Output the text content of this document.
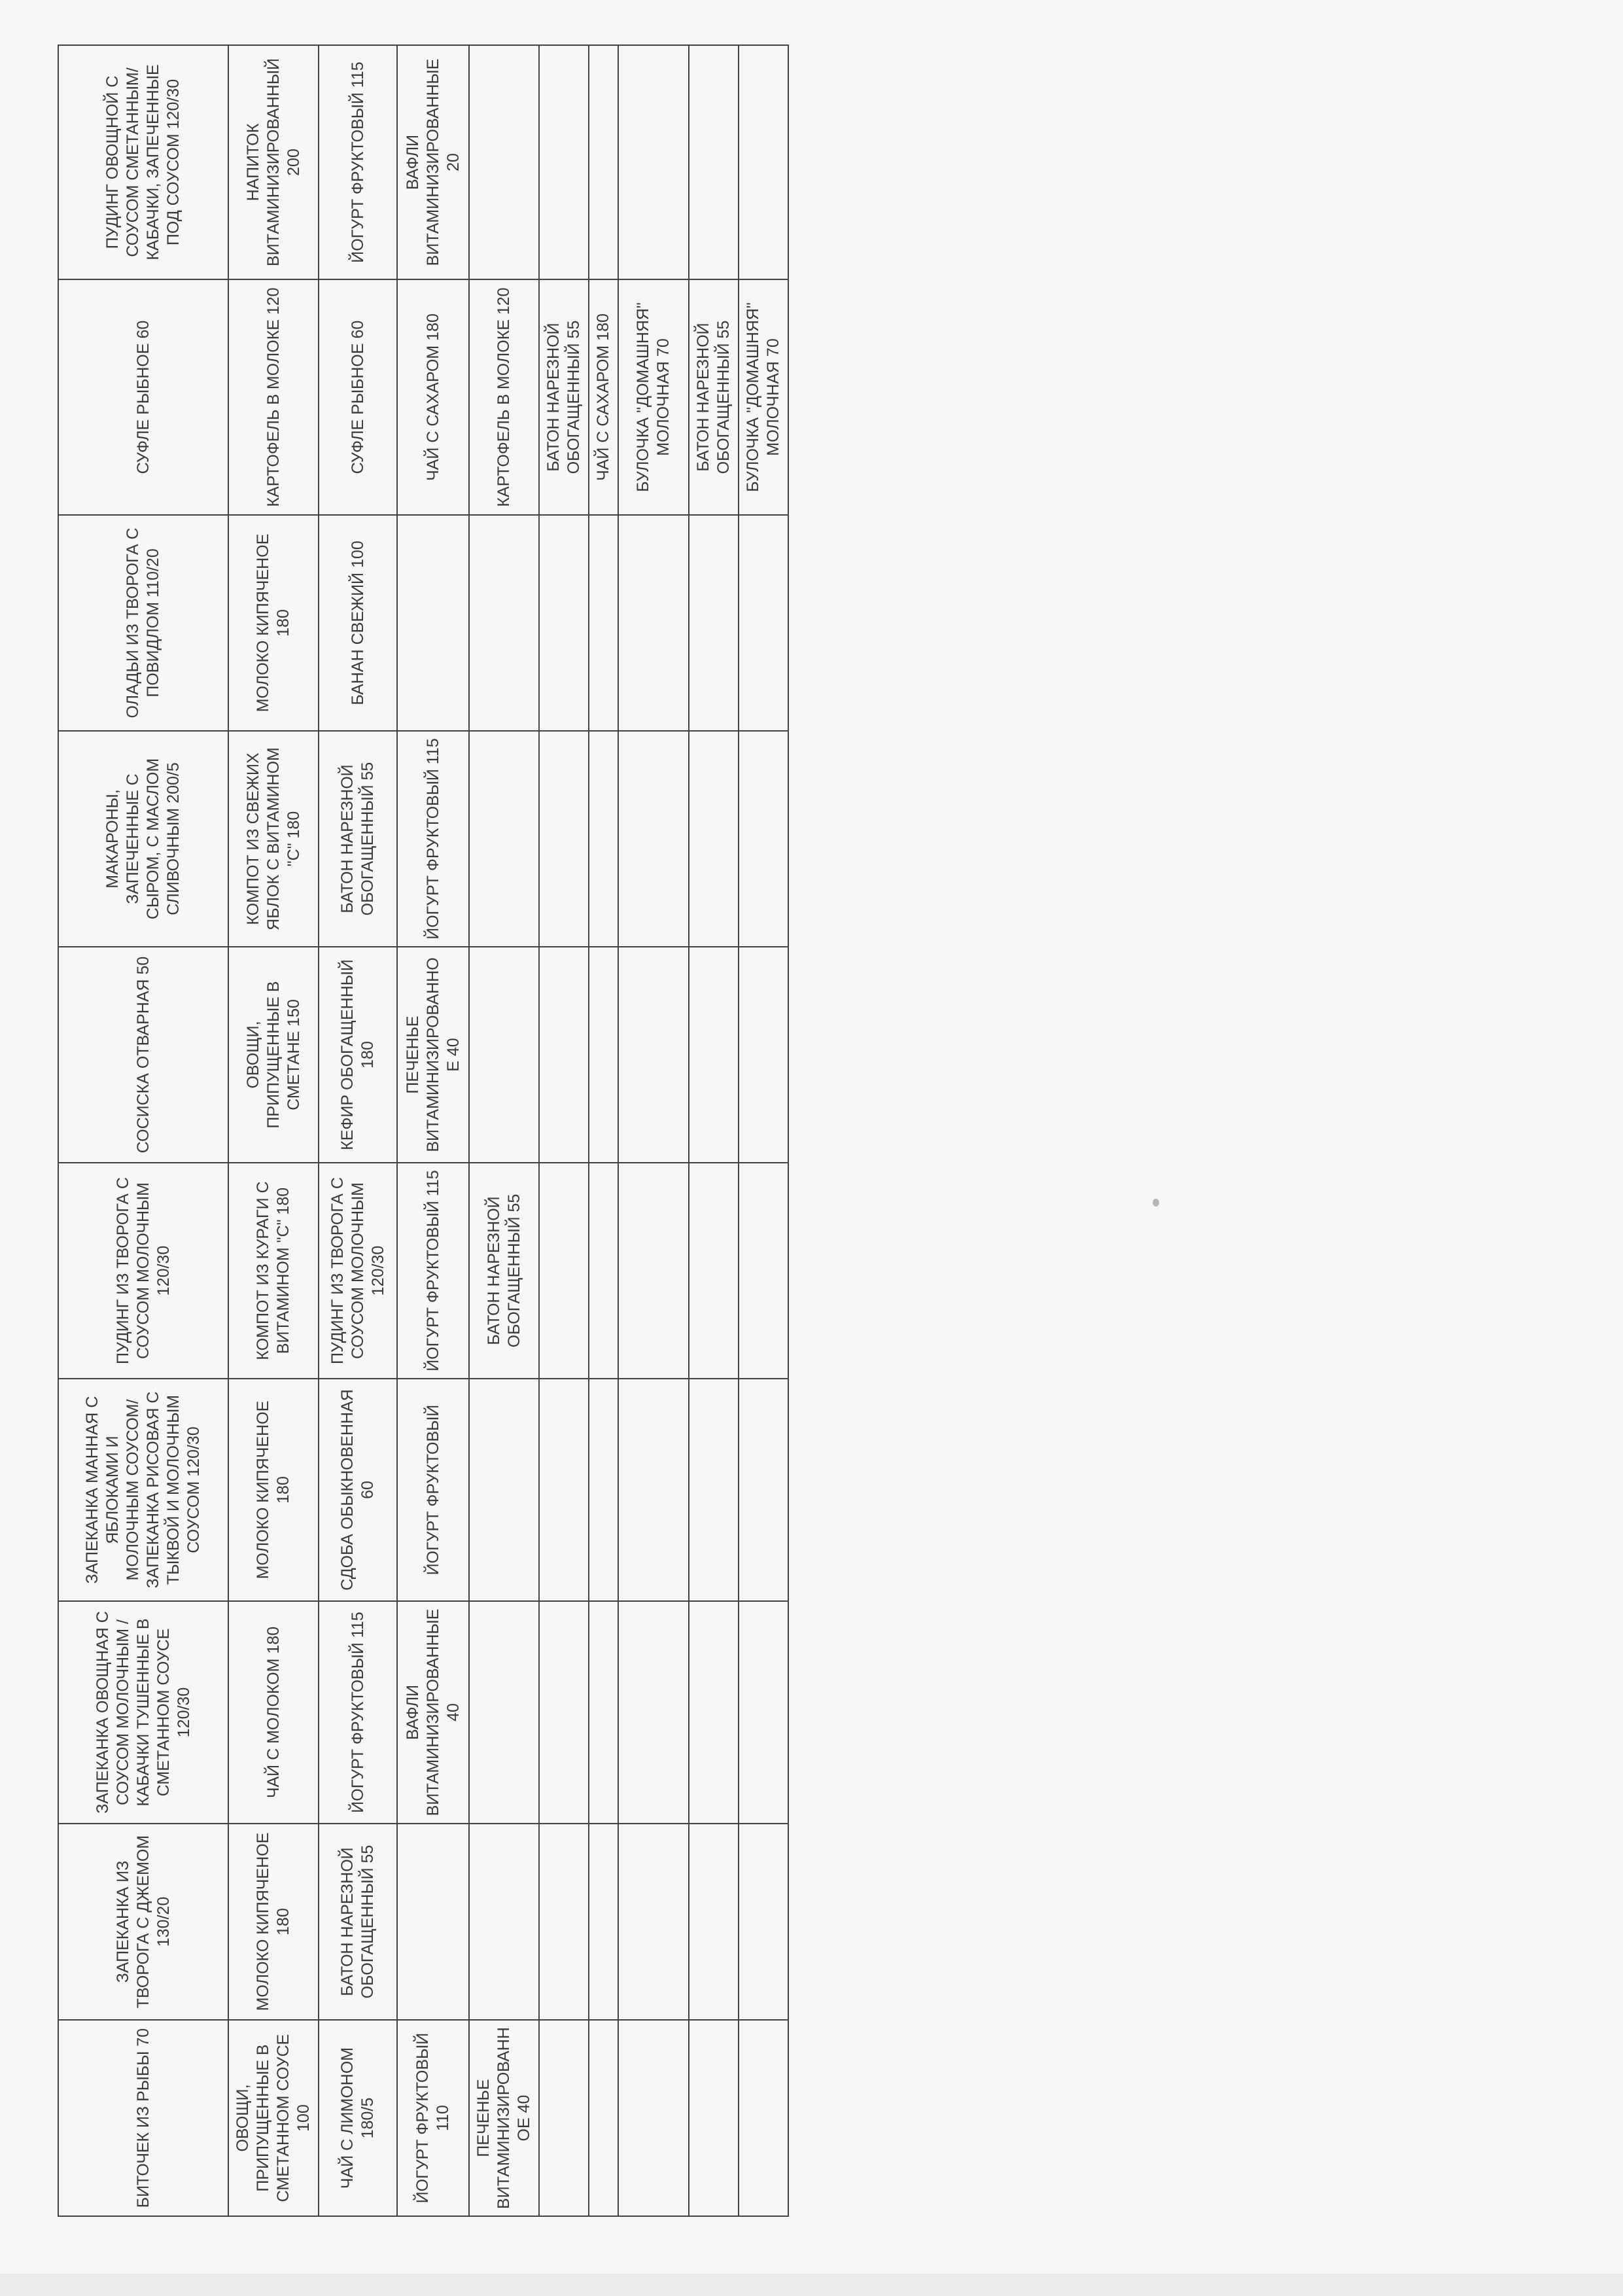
БИТОЧЕК ИЗ РЫБЫ 70	ЗАПЕКАНКА ИЗ ТВОРОГА С ДЖЕМОМ 130/20	ЗАПЕКАНКА ОВОЩНАЯ С СОУСОМ МОЛОЧНЫМ /КАБАЧКИ ТУШЕННЫЕ В СМЕТАННОМ СОУСЕ 120/30	ЗАПЕКАНКА МАННАЯ С ЯБЛОКАМИ И МОЛОЧНЫМ СОУСОМ/ЗАПЕКАНКА РИСОВАЯ С ТЫКВОЙ И МОЛОЧНЫМ СОУСОМ 120/30	ПУДИНГ ИЗ ТВОРОГА С СОУСОМ МОЛОЧНЫМ 120/30	СОСИСКА ОТВАРНАЯ 50	МАКАРОНЫ, ЗАПЕЧЕННЫЕ С СЫРОМ, С МАСЛОМ СЛИВОЧНЫМ 200/5	ОЛАДЬИ ИЗ ТВОРОГА С ПОВИДЛОМ 110/20	СУФЛЕ РЫБНОЕ 60	ПУДИНГ ОВОЩНОЙ С СОУСОМ СМЕТАННЫМ/КАБАЧКИ, ЗАПЕЧЕННЫЕ ПОД СОУСОМ 120/30
ОВОЩИ, ПРИПУЩЕННЫЕ В СМЕТАННОМ СОУСЕ 100	МОЛОКО КИПЯЧЕНОЕ 180	ЧАЙ С МОЛОКОМ 180	МОЛОКО КИПЯЧЕНОЕ 180	КОМПОТ ИЗ КУРАГИ С ВИТАМИНОМ "С" 180	ОВОЩИ, ПРИПУЩЕННЫЕ В СМЕТАНЕ 150	КОМПОТ ИЗ СВЕЖИХ ЯБЛОК С ВИТАМИНОМ "С" 180	МОЛОКО КИПЯЧЕНОЕ 180	КАРТОФЕЛЬ В МОЛОКЕ 120	НАПИТОК ВИТАМИНИЗИРОВАННЫЙ 200
ЧАЙ С ЛИМОНОМ 180/5	БАТОН НАРЕЗНОЙ ОБОГАЩЕННЫЙ 55	ЙОГУРТ ФРУКТОВЫЙ 115	СДОБА ОБЫКНОВЕННАЯ 60	ПУДИНГ ИЗ ТВОРОГА С СОУСОМ МОЛОЧНЫМ 120/30	КЕФИР ОБОГАЩЕННЫЙ 180	БАТОН НАРЕЗНОЙ ОБОГАЩЕННЫЙ 55	БАНАН СВЕЖИЙ 100	СУФЛЕ РЫБНОЕ 60	ЙОГУРТ ФРУКТОВЫЙ 115
ЙОГУРТ ФРУКТОВЫЙ 110		ВАФЛИ ВИТАМИНИЗИРОВАННЫЕ 40	ЙОГУРТ ФРУКТОВЫЙ	ЙОГУРТ ФРУКТОВЫЙ 115	ПЕЧЕНЬЕ ВИТАМИНИЗИРОВАННОЕ 40	ЙОГУРТ ФРУКТОВЫЙ 115		ЧАЙ С САХАРОМ 180	ВАФЛИ ВИТАМИНИЗИРОВАННЫЕ 20
ПЕЧЕНЬЕ ВИТАМИНИЗИРОВАННОЕ 40				БАТОН НАРЕЗНОЙ ОБОГАЩЕННЫЙ 55				КАРТОФЕЛЬ В МОЛОКЕ 120	
								БАТОН НАРЕЗНОЙ ОБОГАЩЕННЫЙ 55	
								ЧАЙ С САХАРОМ 180	
								БУЛОЧКА "ДОМАШНЯЯ" МОЛОЧНАЯ 70	
								БАТОН НАРЕЗНОЙ ОБОГАЩЕННЫЙ 55	
								БУЛОЧКА "ДОМАШНЯЯ" МОЛОЧНАЯ 70	
